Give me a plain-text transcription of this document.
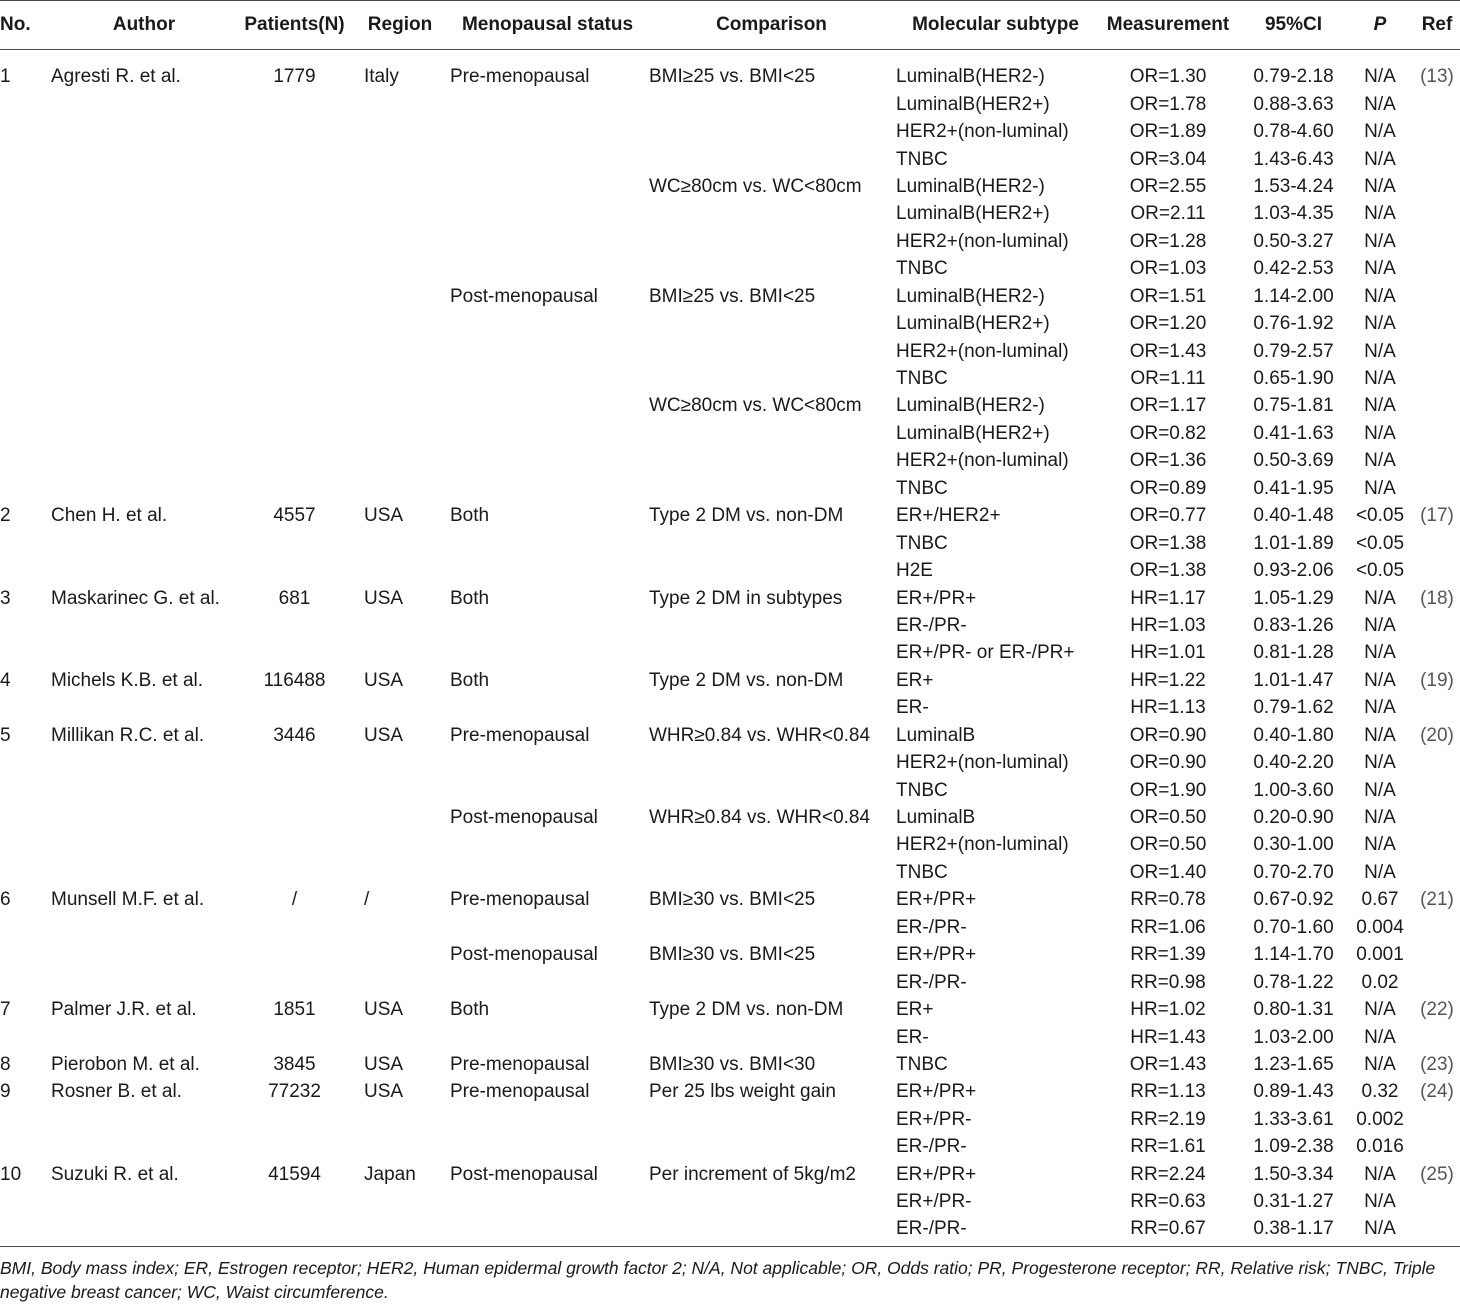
No.	Author	Patients(N)	Region	Menopausal status	Comparison	Molecular subtype	Measurement	95%CI	P	Ref

1	Agresti R. et al.	1779	Italy	Pre-menopausal	BMI≥25 vs. BMI<25	LuminalB(HER2-)	OR=1.30	0.79-2.18	N/A	(13)
						LuminalB(HER2+)	OR=1.78	0.88-3.63	N/A	
						HER2+(non-luminal)	OR=1.89	0.78-4.60	N/A	
						TNBC	OR=3.04	1.43-6.43	N/A	
					WC≥80cm vs. WC<80cm	LuminalB(HER2-)	OR=2.55	1.53-4.24	N/A	
						LuminalB(HER2+)	OR=2.11	1.03-4.35	N/A	
						HER2+(non-luminal)	OR=1.28	0.50-3.27	N/A	
						TNBC	OR=1.03	0.42-2.53	N/A	
				Post-menopausal	BMI≥25 vs. BMI<25	LuminalB(HER2-)	OR=1.51	1.14-2.00	N/A	
						LuminalB(HER2+)	OR=1.20	0.76-1.92	N/A	
						HER2+(non-luminal)	OR=1.43	0.79-2.57	N/A	
						TNBC	OR=1.11	0.65-1.90	N/A	
					WC≥80cm vs. WC<80cm	LuminalB(HER2-)	OR=1.17	0.75-1.81	N/A	
						LuminalB(HER2+)	OR=0.82	0.41-1.63	N/A	
						HER2+(non-luminal)	OR=1.36	0.50-3.69	N/A	
						TNBC	OR=0.89	0.41-1.95	N/A	
2	Chen H. et al.	4557	USA	Both	Type 2 DM vs. non-DM	ER+/HER2+	OR=0.77	0.40-1.48	<0.05	(17)
						TNBC	OR=1.38	1.01-1.89	<0.05	
						H2E	OR=1.38	0.93-2.06	<0.05	
3	Maskarinec G. et al.	681	USA	Both	Type 2 DM in subtypes	ER+/PR+	HR=1.17	1.05-1.29	N/A	(18)
						ER-/PR-	HR=1.03	0.83-1.26	N/A	
						ER+/PR- or ER-/PR+	HR=1.01	0.81-1.28	N/A	
4	Michels K.B. et al.	116488	USA	Both	Type 2 DM vs. non-DM	ER+	HR=1.22	1.01-1.47	N/A	(19)
						ER-	HR=1.13	0.79-1.62	N/A	
5	Millikan R.C. et al.	3446	USA	Pre-menopausal	WHR≥0.84 vs. WHR<0.84	LuminalB	OR=0.90	0.40-1.80	N/A	(20)
						HER2+(non-luminal)	OR=0.90	0.40-2.20	N/A	
						TNBC	OR=1.90	1.00-3.60	N/A	
				Post-menopausal	WHR≥0.84 vs. WHR<0.84	LuminalB	OR=0.50	0.20-0.90	N/A	
						HER2+(non-luminal)	OR=0.50	0.30-1.00	N/A	
						TNBC	OR=1.40	0.70-2.70	N/A	
6	Munsell M.F. et al.	/	/	Pre-menopausal	BMI≥30 vs. BMI<25	ER+/PR+	RR=0.78	0.67-0.92	0.67	(21)
						ER-/PR-	RR=1.06	0.70-1.60	0.004	
				Post-menopausal	BMI≥30 vs. BMI<25	ER+/PR+	RR=1.39	1.14-1.70	0.001	
						ER-/PR-	RR=0.98	0.78-1.22	0.02	
7	Palmer J.R. et al.	1851	USA	Both	Type 2 DM vs. non-DM	ER+	HR=1.02	0.80-1.31	N/A	(22)
						ER-	HR=1.43	1.03-2.00	N/A	
8	Pierobon M. et al.	3845	USA	Pre-menopausal	BMI≥30 vs. BMI<30	TNBC	OR=1.43	1.23-1.65	N/A	(23)
9	Rosner B. et al.	77232	USA	Pre-menopausal	Per 25 lbs weight gain	ER+/PR+	RR=1.13	0.89-1.43	0.32	(24)
						ER+/PR-	RR=2.19	1.33-3.61	0.002	
						ER-/PR-	RR=1.61	1.09-2.38	0.016	
10	Suzuki R. et al.	41594	Japan	Post-menopausal	Per increment of 5kg/m2	ER+/PR+	RR=2.24	1.50-3.34	N/A	(25)
						ER+/PR-	RR=0.63	0.31-1.27	N/A	
						ER-/PR-	RR=0.67	0.38-1.17	N/A	
BMI, Body mass index; ER, Estrogen receptor; HER2, Human epidermal growth factor 2; N/A, Not applicable; OR, Odds ratio; PR, Progesterone receptor; RR, Relative risk; TNBC, Triple negative breast cancer; WC, Waist circumference.
